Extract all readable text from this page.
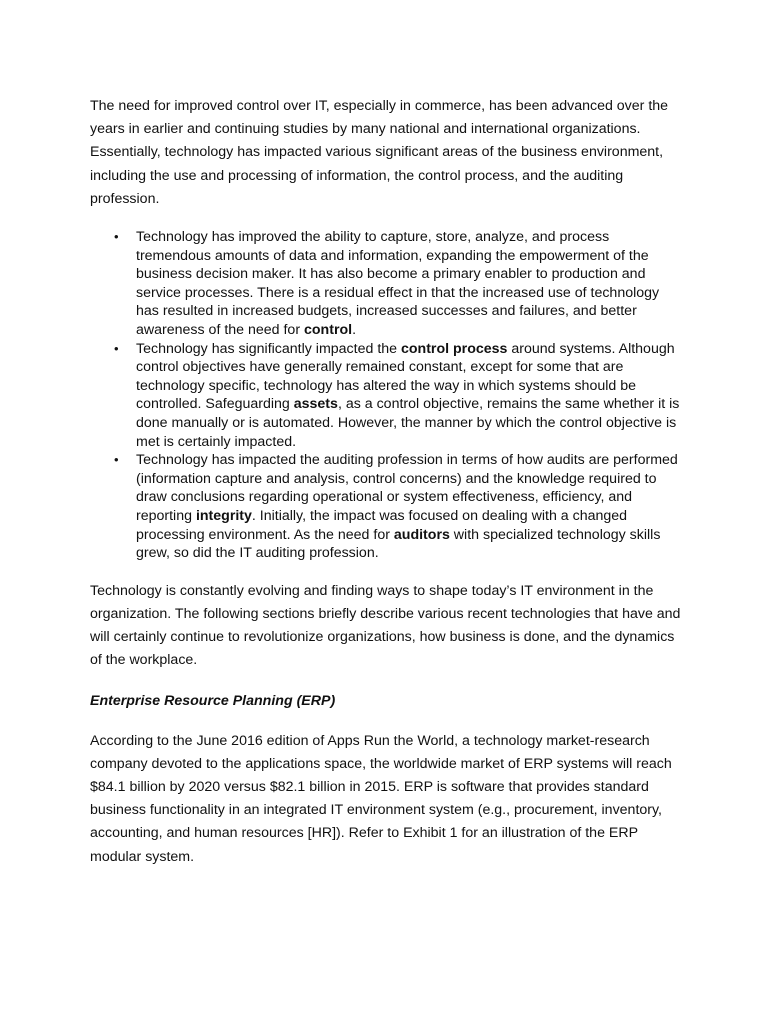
The need for improved control over IT, especially in commerce, has been advanced over the years in earlier and continuing studies by many national and international organizations. Essentially, technology has impacted various significant areas of the business environment, including the use and processing of information, the control process, and the auditing profession.

• Technology has improved the ability to capture, store, analyze, and process tremendous amounts of data and information, expanding the empowerment of the business decision maker. It has also become a primary enabler to production and service processes. There is a residual effect in that the increased use of technology has resulted in increased budgets, increased successes and failures, and better awareness of the need for control.
• Technology has significantly impacted the control process around systems. Although control objectives have generally remained constant, except for some that are technology specific, technology has altered the way in which systems should be controlled. Safeguarding assets, as a control objective, remains the same whether it is done manually or is automated. However, the manner by which the control objective is met is certainly impacted.
• Technology has impacted the auditing profession in terms of how audits are performed (information capture and analysis, control concerns) and the knowledge required to draw conclusions regarding operational or system effectiveness, efficiency, and reporting integrity. Initially, the impact was focused on dealing with a changed processing environment. As the need for auditors with specialized technology skills grew, so did the IT auditing profession.

Technology is constantly evolving and finding ways to shape today’s IT environment in the organization. The following sections briefly describe various recent technologies that have and will certainly continue to revolutionize organizations, how business is done, and the dynamics of the workplace.

Enterprise Resource Planning (ERP)

According to the June 2016 edition of Apps Run the World, a technology market-research company devoted to the applications space, the worldwide market of ERP systems will reach $84.1 billion by 2020 versus $82.1 billion in 2015. ERP is software that provides standard business functionality in an integrated IT environment system (e.g., procurement, inventory, accounting, and human resources [HR]). Refer to Exhibit 1 for an illustration of the ERP modular system.
